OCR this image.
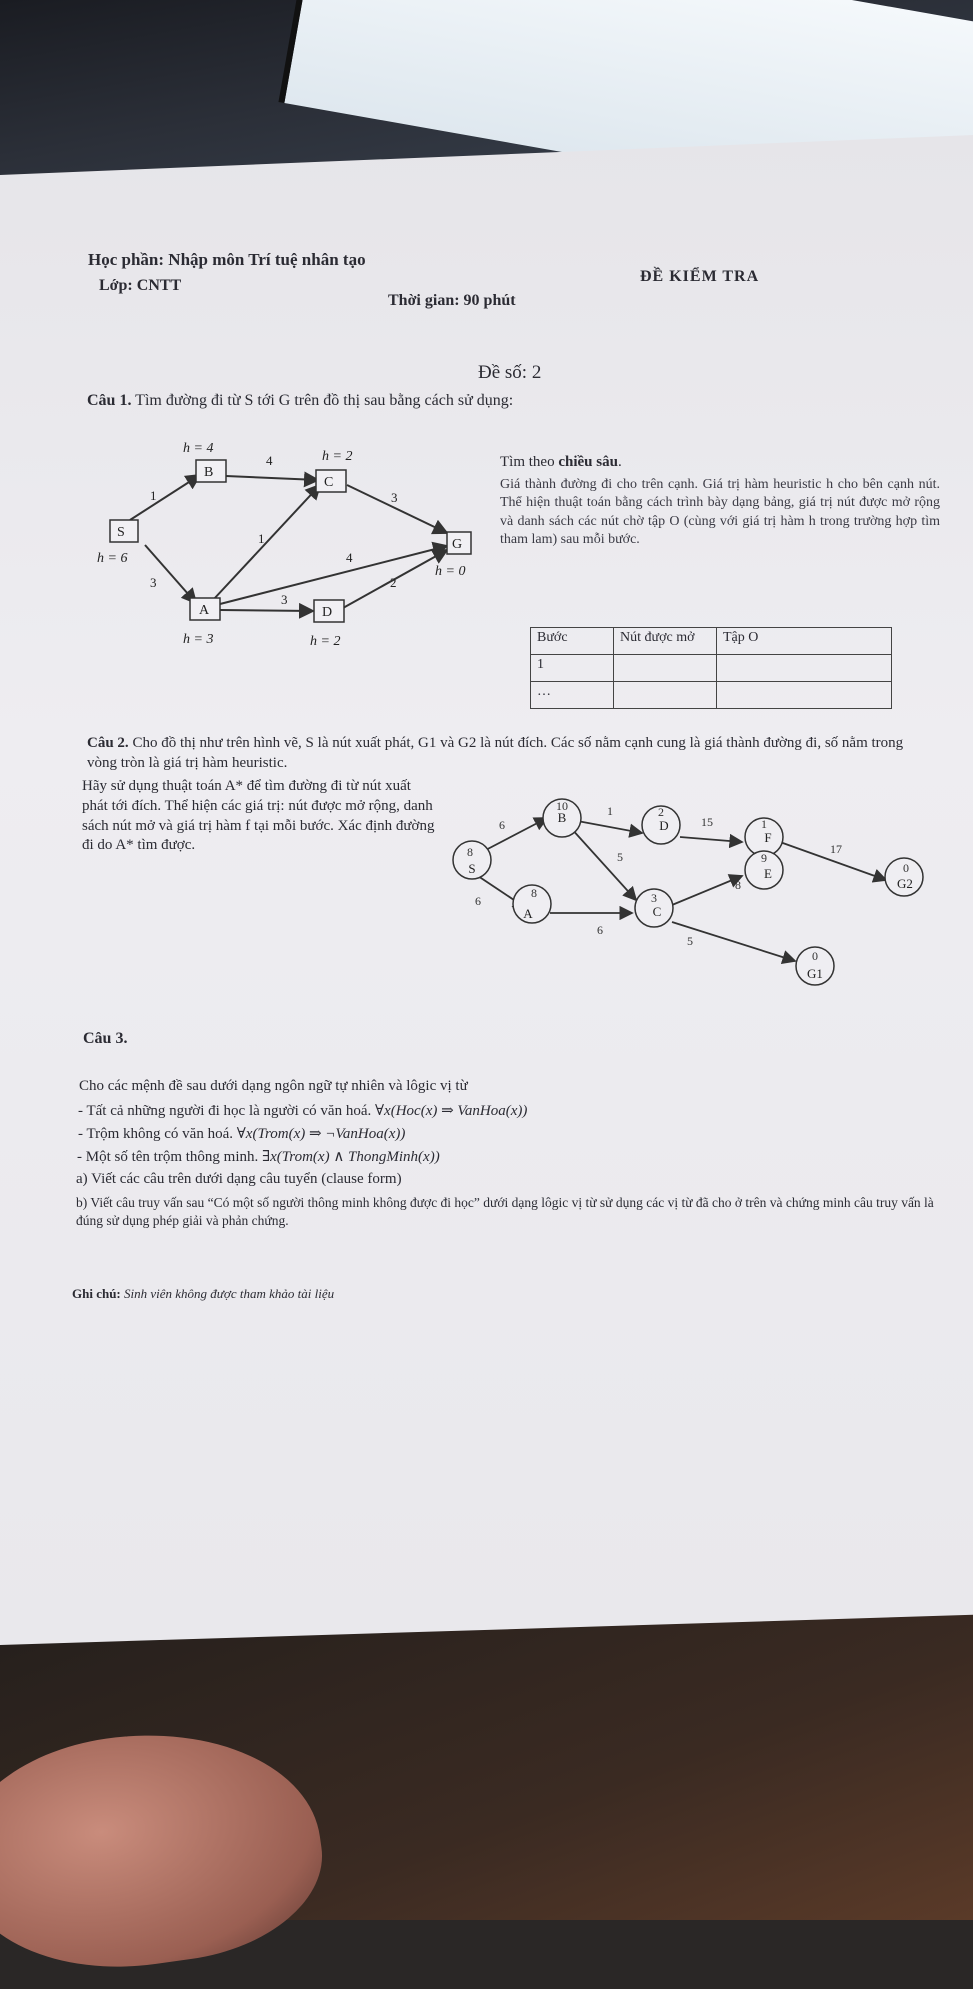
Học phần: Nhập môn Trí tuệ nhân tạo
Lớp: CNTT
ĐỀ KIỂM TRA
Thời gian: 90 phút
Đề số: 2
Câu 1. Tìm đường đi từ S tới G trên đồ thị sau bằng cách sử dụng:
Tìm theo chiều sâu.
Giá thành đường đi cho trên cạnh. Giá trị hàm heuristic h cho bên cạnh nút. Thể hiện thuật toán bằng cách trình bày dạng bảng, giá trị nút được mở rộng và danh sách các nút chờ tập O (cùng với giá trị hàm h trong trường hợp tìm tham lam) sau mỗi bước.
Bước	Nút được mở	Tập O
1		
…		
S
B
C
G
A	D
h = 4
h = 2
h = 6
h = 0
h = 3	h = 2
4
1	3
1
4
2
3
3
Câu 2. Cho đồ thị như trên hình vẽ, S là nút xuất phát, G1 và G2 là nút đích. Các số nằm cạnh cung là giá thành đường đi, số nằm trong vòng tròn là giá trị hàm heuristic.
Hãy sử dụng thuật toán A* để tìm đường đi từ nút xuất phát tới đích. Thể hiện các giá trị: nút được mở rộng, danh sách nút mở và giá trị hàm f tại mỗi bước. Xác định đường đi do A* tìm được.
S
B
D
F
A	C
E
G2
G1
8
10	2
1
8	3
9
0
0
6
1
15
17
6
6
5
8
5
Câu 3.
Cho các mệnh đề sau dưới dạng ngôn ngữ tự nhiên và lôgic vị từ
- Tất cả những người đi học là người có văn hoá. ∀x(Hoc(x) ⇒ VanHoa(x))
- Trộm không có văn hoá. ∀x(Trom(x) ⇒ ¬VanHoa(x))
- Một số tên trộm thông minh. ∃x(Trom(x) ∧ ThongMinh(x))
a) Viết các câu trên dưới dạng câu tuyển (clause form)
b) Viết câu truy vấn sau “Có một số người thông minh không được đi học” dưới dạng lôgic vị từ sử dụng các vị từ đã cho ở trên và chứng minh câu truy vấn là đúng sử dụng phép giải và phản chứng.
Ghi chú: Sinh viên không được tham khảo tài liệu
